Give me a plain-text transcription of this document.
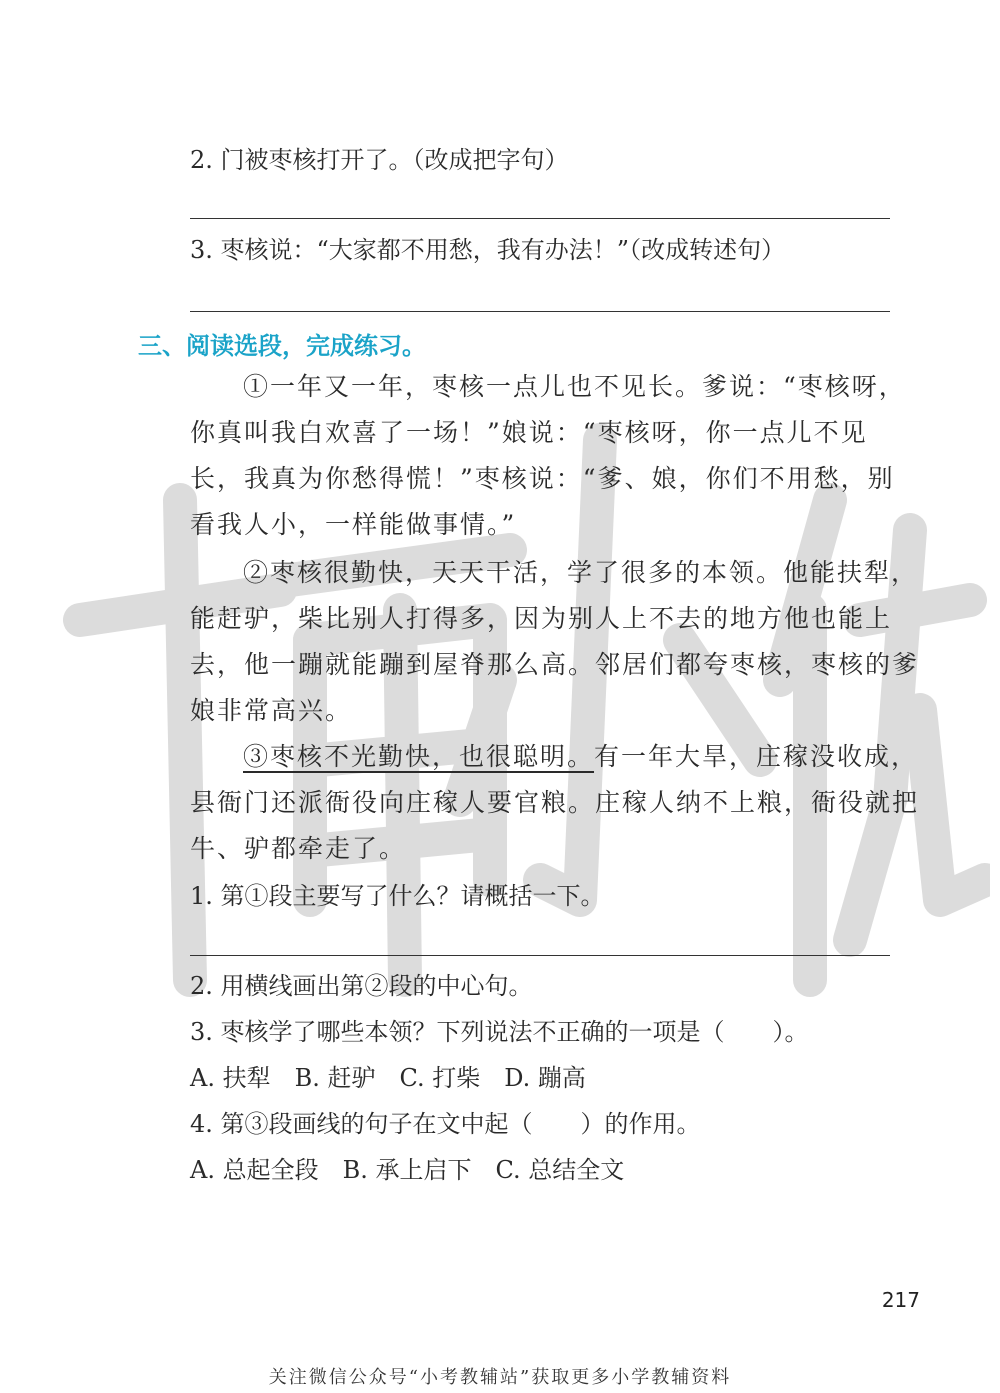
2. 门被枣核打开了。（改成把字句）
3. 枣核说：“大家都不用愁，我有办法！”（改成转述句）
三、阅读选段，完成练习。
①一年又一年，枣核一点儿也不见长。爹说：“枣核呀，
你真叫我白欢喜了一场！”娘说：“枣核呀，你一点儿不见
长，我真为你愁得慌！”枣核说：“爹、娘，你们不用愁，别
看我人小，一样能做事情。”
②枣核很勤快，天天干活，学了很多的本领。他能扶犁，
能赶驴，柴比别人打得多，因为别人上不去的地方他也能上
去，他一蹦就能蹦到屋脊那么高。邻居们都夸枣核，枣核的爹
娘非常高兴。
③枣核不光勤快，也很聪明。有一年大旱，庄稼没收成，
县衙门还派衙役向庄稼人要官粮。庄稼人纳不上粮，衙役就把
牛、驴都牵走了。
1. 第①段主要写了什么？请概括一下。
2. 用横线画出第②段的中心句。
3. 枣核学了哪些本领？下列说法不正确的一项是（　　）。
A. 扶犁　B. 赶驴　C. 打柴　D. 蹦高
4. 第③段画线的句子在文中起（　　）的作用。
A. 总起全段　B. 承上启下　C. 总结全文
217
关注微信公众号“小考教辅站”获取更多小学教辅资料
